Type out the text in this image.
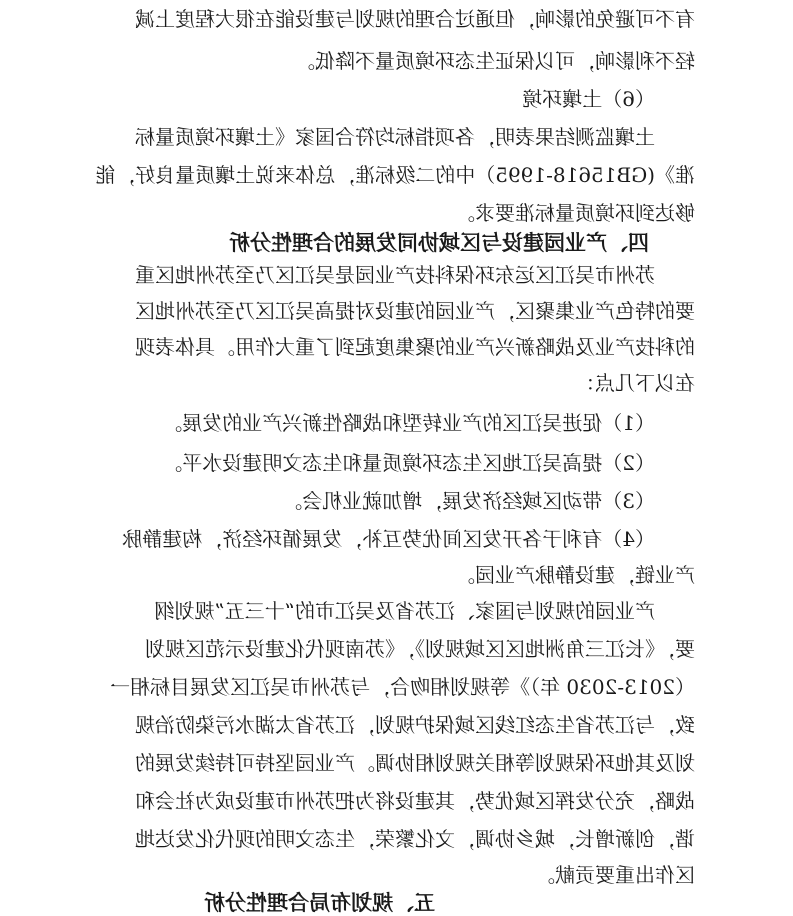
有不可避免的影响，但通过合理的规划与建设能在很大程度上减
轻不利影响，可以保证生态环境质量不降低。
（6）土壤环境
土壤监测结果表明，各项指标均符合国家《土壤环境质量标
准》(GB15618-1995）中的二级标准，总体来说土壤质量良好，能
够达到环境质量标准要求。
四、产业园建设与区域协同发展的合理性分析
苏州市吴江区运东环保科技产业园是吴江区乃至苏州地区重
要的特色产业集聚区，产业园的建设对提高吴江区乃至苏州地区
的科技产业及战略新兴产业的聚集度起到了重大作用。具体表现
在以下几点：
（1）促进吴江区的产业转型和战略性新兴产业的发展。
（2）提高吴江地区生态环境质量和生态文明建设水平。
（3）带动区域经济发展，增加就业机会。
（4）有利于各开发区间优势互补，发展循环经济，构建静脉
产业链，建设静脉产业园。
产业园的规划与国家、江苏省及吴江市的“十三五”规划纲
要，《长江三角洲地区区域规划》，《苏南现代化建设示范区规划
（2013-2030 年）》等规划相吻合，与苏州市吴江区发展目标相一
致，与江苏省生态红线区域保护规划，江苏省太湖水污染防治规
划及其他环保规划等相关规划相协调。产业园坚持可持续发展的
战略，充分发挥区域优势，其建设将为把苏州市建设成为社会和
谐，创新增长，城乡协调，文化繁荣，生态文明的现代化发达地
区作出重要贡献。
五、规划布局合理性分析
